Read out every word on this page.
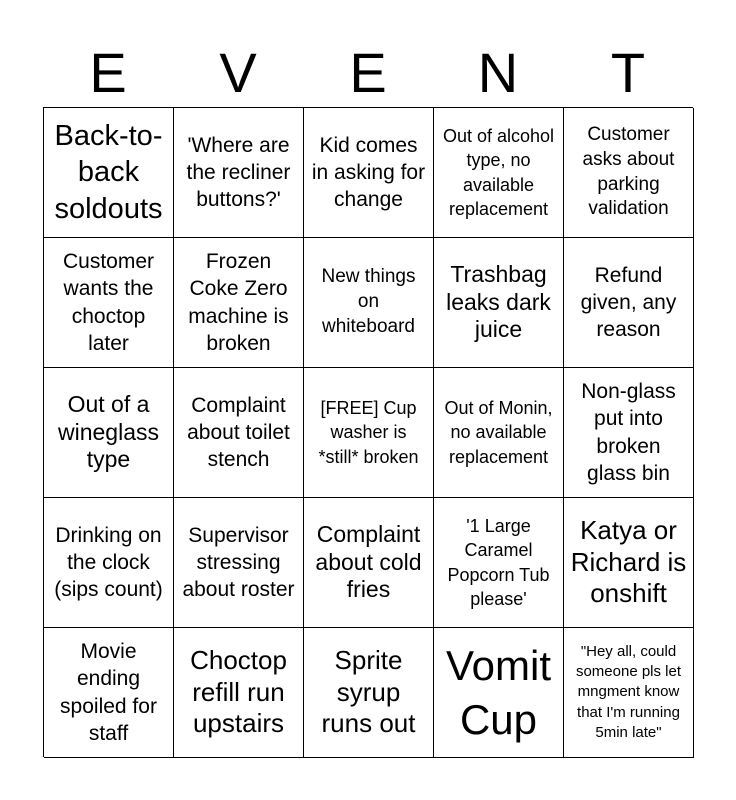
E	V	E	N	T
Back-to-back soldouts
'Where are the recliner buttons?'
Kid comes in asking for change
Out of alcohol type, no available replacement
Customer asks about parking validation
Customer wants the choctop later
Frozen Coke Zero machine is broken
New things on whiteboard
Trashbag leaks dark juice
Refund given, any reason
Out of a wineglass type
Complaint about toilet stench
[FREE] Cup washer is *still* broken
Out of Monin, no available replacement
Non-glass put into broken glass bin
Drinking on the clock (sips count)
Supervisor stressing about roster
Complaint about cold fries
'1 Large Caramel Popcorn Tub please'
Katya or Richard is onshift
Movie ending spoiled for staff
Choctop refill run upstairs
Sprite syrup runs out
Vomit Cup
"Hey all, could someone pls let mngment know that I'm running 5min late"
